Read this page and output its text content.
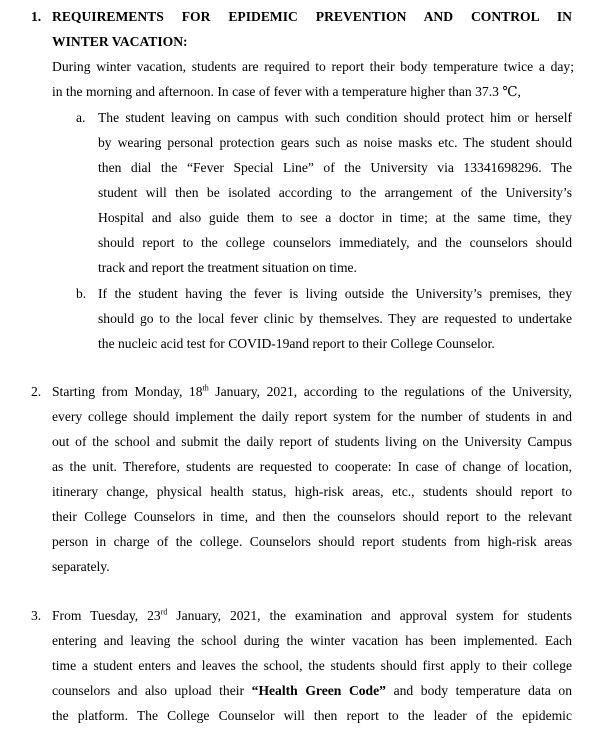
1. REQUIREMENTS FOR EPIDEMIC PREVENTION AND CONTROL IN
WINTER VACATION:
During winter vacation, students are required to report their body temperature twice a day;
in the morning and afternoon. In case of fever with a temperature higher than 37.3 ℃,
a. The student leaving on campus with such condition should protect him or herself
by wearing personal protection gears such as noise masks etc. The student should
then dial the “Fever Special Line” of the University via 13341698296. The
student will then be isolated according to the arrangement of the University’s
Hospital and also guide them to see a doctor in time; at the same time, they
should report to the college counselors immediately, and the counselors should
track and report the treatment situation on time.
b. If the student having the fever is living outside the University’s premises, they
should go to the local fever clinic by themselves. They are requested to undertake
the nucleic acid test for COVID-19and report to their College Counselor.
2. Starting from Monday, 18th January, 2021, according to the regulations of the University,
every college should implement the daily report system for the number of students in and
out of the school and submit the daily report of students living on the University Campus
as the unit. Therefore, students are requested to cooperate: In case of change of location,
itinerary change, physical health status, high-risk areas, etc., students should report to
their College Counselors in time, and then the counselors should report to the relevant
person in charge of the college. Counselors should report students from high-risk areas
separately.
3. From Tuesday, 23rd January, 2021, the examination and approval system for students
entering and leaving the school during the winter vacation has been implemented. Each
time a student enters and leaves the school, the students should first apply to their college
counselors and also upload their “Health Green Code” and body temperature data on
the platform. The College Counselor will then report to the leader of the epidemic
